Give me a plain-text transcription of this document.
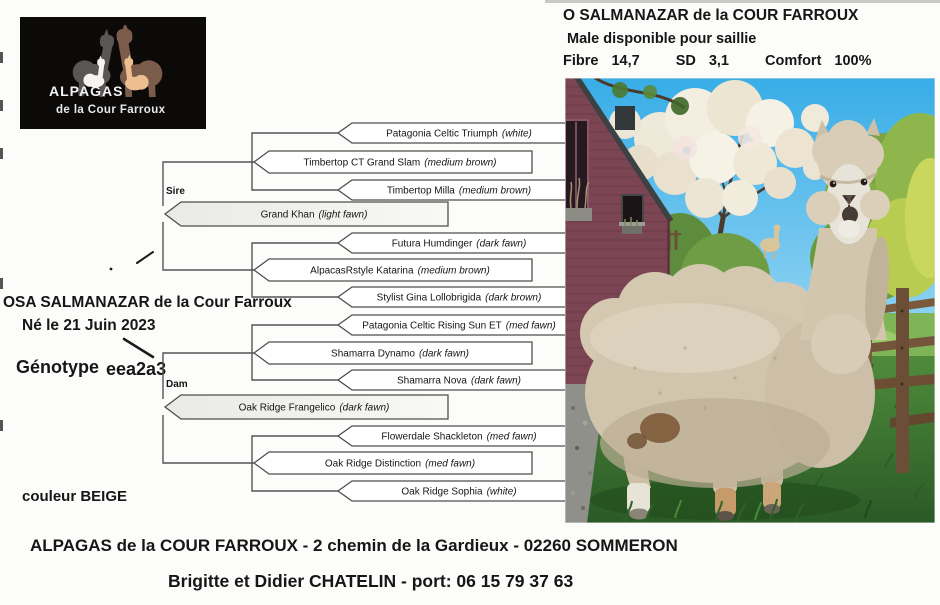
ALPAGAS
de la Cour Farroux
O SALMANAZAR de la COUR FARROUX
Male disponible pour saillie
Fibre 14,7 SD 3,1 Comfort 100%
OSA SALMANAZAR de la Cour Farroux
Né le 21 Juin 2023
Génotype eea2a3
couleur BEIGE
Sire
Dam
Patagonia Celtic Triumph (white)
Timbertop CT Grand Slam (medium brown)
Timbertop Milla (medium brown)
Grand Khan (light fawn)
Futura Humdinger (dark fawn)
AlpacasRstyle Katarina (medium brown)
Stylist Gina Lollobrigida (dark brown)
Patagonia Celtic Rising Sun ET (med fawn)
Shamarra Dynamo (dark fawn)
Shamarra Nova (dark fawn)
Oak Ridge Frangelico (dark fawn)
Flowerdale Shackleton (med fawn)
Oak Ridge Distinction (med fawn)
Oak Ridge Sophia (white)
ALPAGAS de la COUR FARROUX - 2 chemin de la Gardieux - 02260 SOMMERON
Brigitte et Didier CHATELIN - port: 06 15 79 37 63
